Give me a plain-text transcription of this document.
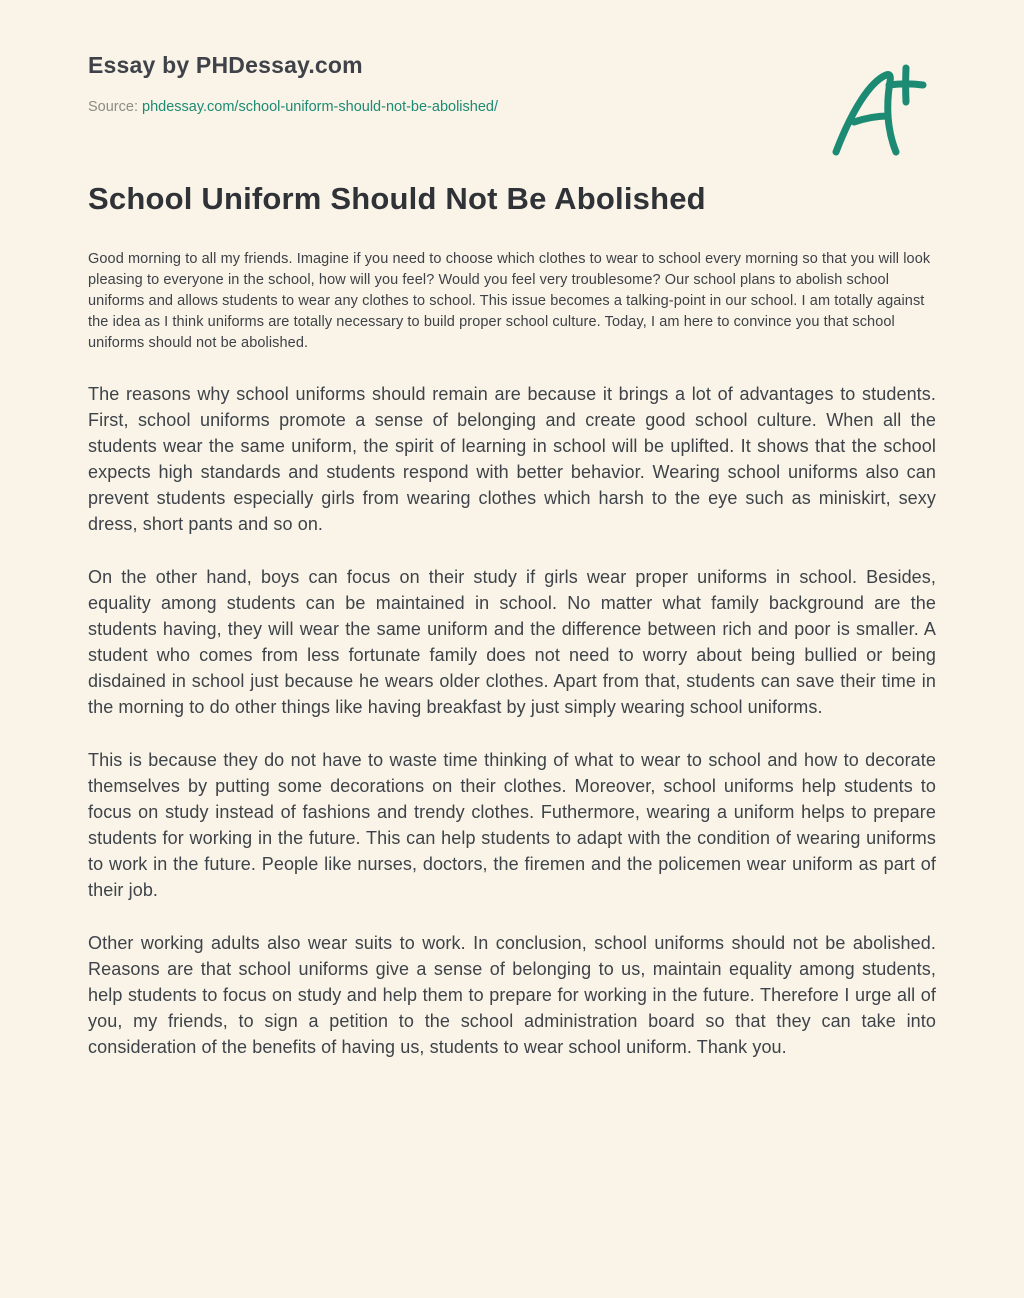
Essay by PHDessay.com
Source: phdessay.com/school-uniform-should-not-be-abolished/
School Uniform Should Not Be Abolished

Good morning to all my friends. Imagine if you need to choose which clothes to wear to school every morning so that you will look pleasing to everyone in the school, how will you feel? Would you feel very troublesome? Our school plans to abolish school uniforms and allows students to wear any clothes to school. This issue becomes a talking-point in our school. I am totally against the idea as I think uniforms are totally necessary to build proper school culture. Today, I am here to convince you that school uniforms should not be abolished.

The reasons why school uniforms should remain are because it brings a lot of advantages to students. First, school uniforms promote a sense of belonging and create good school culture. When all the students wear the same uniform, the spirit of learning in school will be uplifted. It shows that the school expects high standards and students respond with better behavior. Wearing school uniforms also can prevent students especially girls from wearing clothes which harsh to the eye such as miniskirt, sexy dress, short pants and so on.

On the other hand, boys can focus on their study if girls wear proper uniforms in school. Besides, equality among students can be maintained in school. No matter what family background are the students having, they will wear the same uniform and the difference between rich and poor is smaller. A student who comes from less fortunate family does not need to worry about being bullied or being disdained in school just because he wears older clothes. Apart from that, students can save their time in the morning to do other things like having breakfast by just simply wearing school uniforms.

This is because they do not have to waste time thinking of what to wear to school and how to decorate themselves by putting some decorations on their clothes. Moreover, school uniforms help students to focus on study instead of fashions and trendy clothes. Futhermore, wearing a uniform helps to prepare students for working in the future. This can help students to adapt with the condition of wearing uniforms to work in the future. People like nurses, doctors, the firemen and the policemen wear uniform as part of their job.

Other working adults also wear suits to work. In conclusion, school uniforms should not be abolished. Reasons are that school uniforms give a sense of belonging to us, maintain equality among students, help students to focus on study and help them to prepare for working in the future. Therefore I urge all of you, my friends, to sign a petition to the school administration board so that they can take into consideration of the benefits of having us, students to wear school uniform. Thank you.
